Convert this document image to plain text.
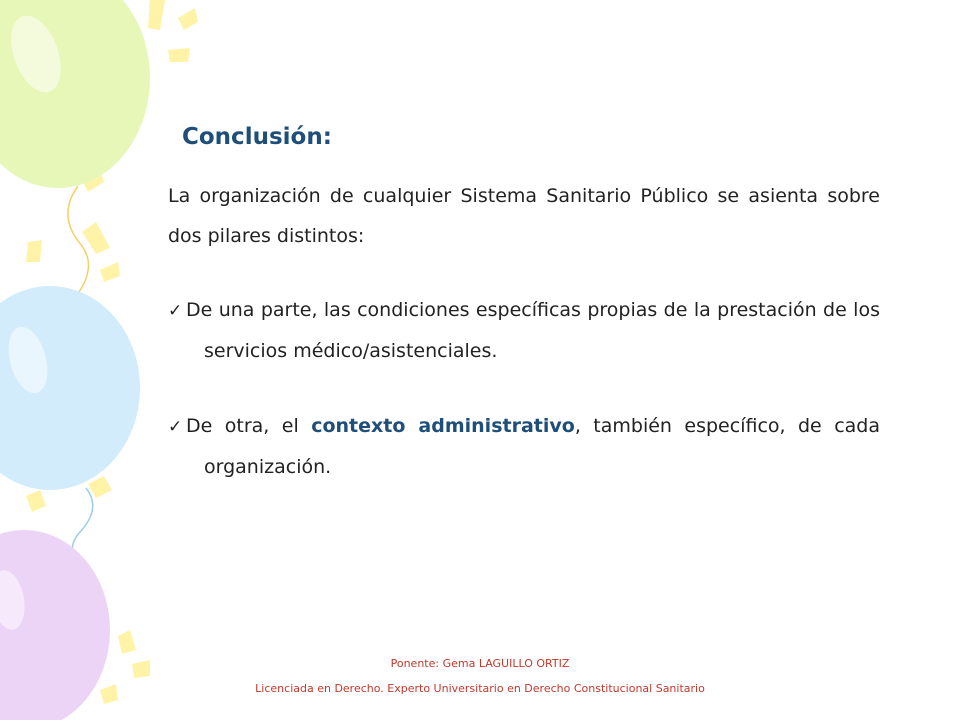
Conclusión:
La organización de cualquier Sistema Sanitario Público se asienta sobre dos pilares distintos:
✓ De una parte, las condiciones específicas propias de la prestación de los servicios médico/asistenciales.
✓ De otra, el contexto administrativo, también específico, de cada organización.
Ponente: Gema LAGUILLO ORTIZ
Licenciada en Derecho. Experto Universitario en Derecho Constitucional Sanitario
